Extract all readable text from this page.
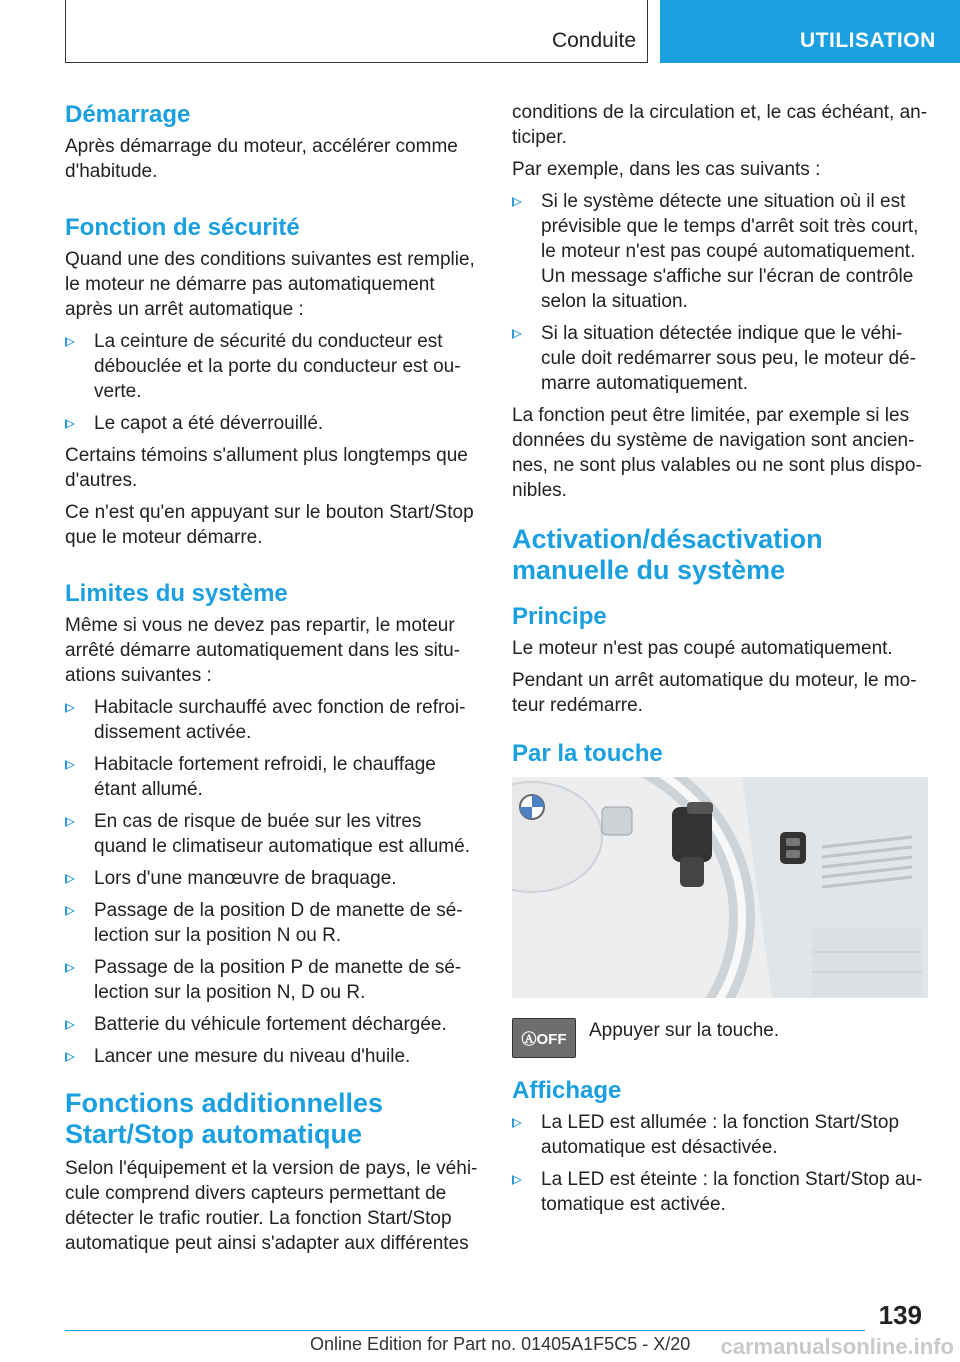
Conduite	UTILISATION
Démarrage
Après démarrage du moteur, accélérer comme d'habitude.
Fonction de sécurité
Quand une des conditions suivantes est remplie, le moteur ne démarre pas automatiquement après un arrêt automatique :
La ceinture de sécurité du conducteur est débouclée et la porte du conducteur est ou‐verte.
Le capot a été déverrouillé.
Certains témoins s'allument plus longtemps que d'autres.
Ce n'est qu'en appuyant sur le bouton Start/Stop que le moteur démarre.
Limites du système
Même si vous ne devez pas repartir, le moteur arrêté démarre automatiquement dans les situ‐ations suivantes :
Habitacle surchauffé avec fonction de refroi‐dissement activée.
Habitacle fortement refroidi, le chauffage étant allumé.
En cas de risque de buée sur les vitres quand le climatiseur automatique est allumé.
Lors d'une manœuvre de braquage.
Passage de la position D de manette de sé‐lection sur la position N ou R.
Passage de la position P de manette de sé‐lection sur la position N, D ou R.
Batterie du véhicule fortement déchargée.
Lancer une mesure du niveau d'huile.
Fonctions additionnelles Start/Stop automatique
Selon l'équipement et la version de pays, le véhi‐cule comprend divers capteurs permettant de détecter le trafic routier. La fonction Start/Stop automatique peut ainsi s'adapter aux différentes
conditions de la circulation et, le cas échéant, an‐ticiper.
Par exemple, dans les cas suivants :
Si le système détecte une situation où il est prévisible que le temps d'arrêt soit très court, le moteur n'est pas coupé automatiquement. Un message s'affiche sur l'écran de contrôle selon la situation.
Si la situation détectée indique que le véhi‐cule doit redémarrer sous peu, le moteur dé‐marre automatiquement.
La fonction peut être limitée, par exemple si les données du système de navigation sont ancien‐nes, ne sont plus valables ou ne sont plus dispo‐nibles.
Activation/désactivation manuelle du système
Principe
Le moteur n'est pas coupé automatiquement.
Pendant un arrêt automatique du moteur, le mo‐teur redémarre.
Par la touche
ⒶOFF	Appuyer sur la touche.
Affichage
La LED est allumée : la fonction Start/Stop automatique est désactivée.
La LED est éteinte : la fonction Start/Stop au‐tomatique est activée.
139
Online Edition for Part no. 01405A1F5C5 - X/20 carmanualsonline.info
